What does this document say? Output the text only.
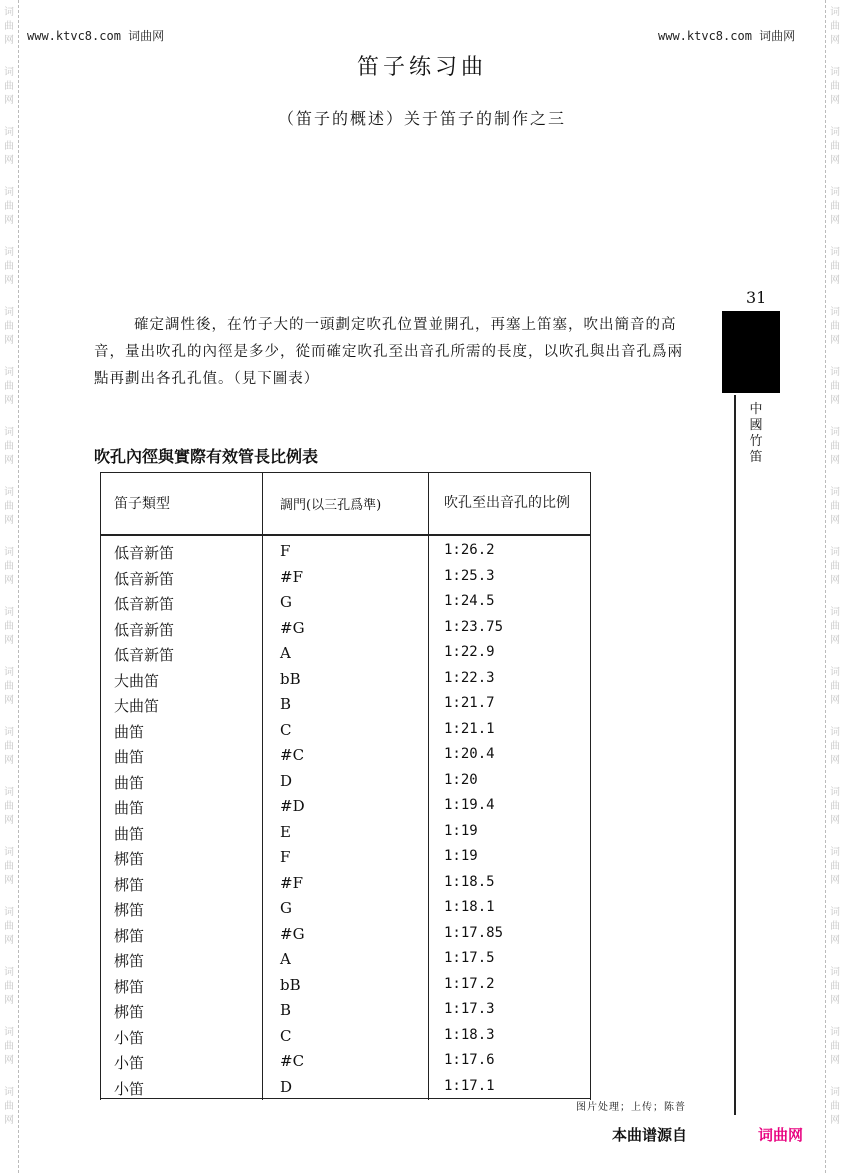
词
曲
网
词
曲
网
词
曲
网
词
曲
网
词
曲
网
词
曲
网
词
曲
网
词
曲
网
词
曲
网
词
曲
网
词
曲
网
词
曲
网
词
曲
网
词
曲
网
词
曲
网
词
曲
网
词
曲
网
词
曲
网
词
曲
网
词
曲
网
词
曲
网
词
曲
网
词
曲
网
词
曲
网
词
曲
网
词
曲
网
词
曲
网
词
曲
网
词
曲
网
词
曲
网
词
曲
网
词
曲
网
词
曲
网
词
曲
网
词
曲
网
词
曲
网
词
曲
网
词
曲
网
www.ktvc8.com 词曲网	www.ktvc8.com 词曲网
笛子练习曲
（笛子的概述）关于笛子的制作之三
31
中
國
竹
笛
確定調性後，在竹子大的一頭劃定吹孔位置並開孔，再塞上笛塞，吹出簡音的高音，量出吹孔的內徑是多少，從而確定吹孔至出音孔所需的長度，以吹孔與出音孔爲兩點再劃出各孔孔值。（見下圖表）
吹孔內徑與實際有效管長比例表
笛子類型	調門(以三孔爲準)	吹孔至出音孔的比例
低音新笛	F	1:26.2
低音新笛	#F	1:25.3
低音新笛	G	1:24.5
低音新笛	#G	1:23.75
低音新笛	A	1:22.9
大曲笛	bB	1:22.3
大曲笛	B	1:21.7
曲笛	C	1:21.1
曲笛	#C	1:20.4
曲笛	D	1:20
曲笛	#D	1:19.4
曲笛	E	1:19
梆笛	F	1:19
梆笛	#F	1:18.5
梆笛	G	1:18.1
梆笛	#G	1:17.85
梆笛	A	1:17.5
梆笛	bB	1:17.2
梆笛	B	1:17.3
小笛	C	1:18.3
小笛	#C	1:17.6
小笛	D	1:17.1
图片处理；上传；陈普
本曲谱源自	词曲网
